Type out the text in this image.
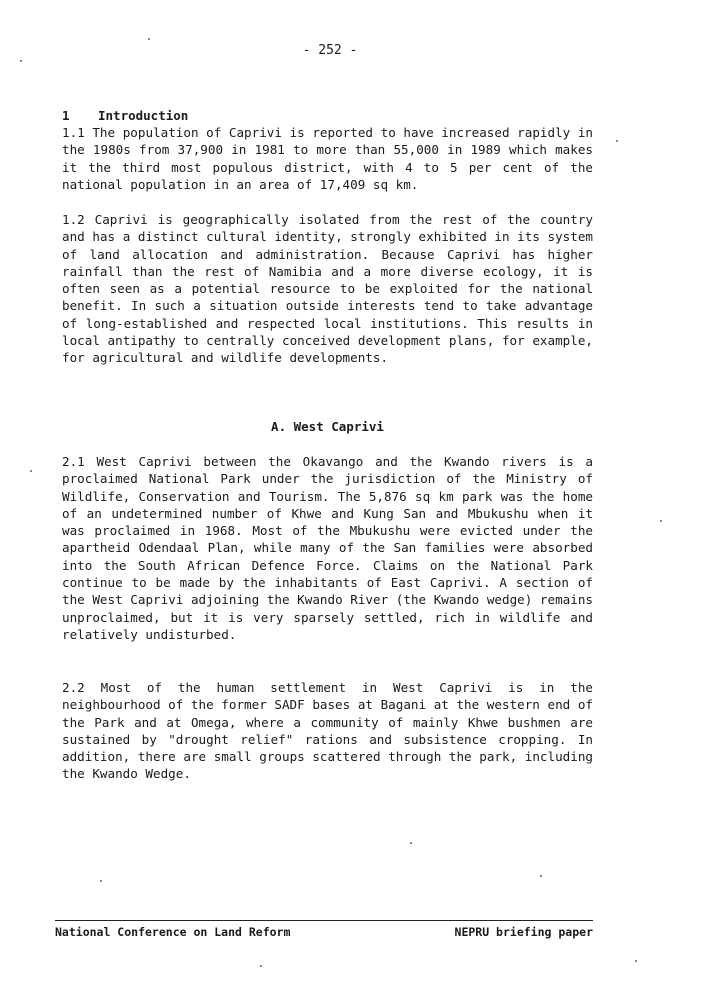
- 252 -
1 Introduction

1.1 The population of Caprivi is reported to have increased rapidly in the 1980s from 37,900 in 1981 to more than 55,000 in 1989 which makes it the third most populous district, with 4 to 5 per cent of the national population in an area of 17,409 sq km.

1.2 Caprivi is geographically isolated from the rest of the country and has a distinct cultural identity, strongly exhibited in its system of land allocation and administration. Because Caprivi has higher rainfall than the rest of Namibia and a more diverse ecology, it is often seen as a potential resource to be exploited for the national benefit. In such a situation outside interests tend to take advantage of long-established and respected local institutions. This results in local antipathy to centrally conceived development plans, for example, for agricultural and wildlife developments.

A. West Caprivi

2.1 West Caprivi between the Okavango and the Kwando rivers is a proclaimed National Park under the jurisdiction of the Ministry of Wildlife, Conservation and Tourism. The 5,876 sq km park was the home of an undetermined number of Khwe and Kung San and Mbukushu when it was proclaimed in 1968. Most of the Mbukushu were evicted under the apartheid Odendaal Plan, while many of the San families were absorbed into the South African Defence Force. Claims on the National Park continue to be made by the inhabitants of East Caprivi. A section of the West Caprivi adjoining the Kwando River (the Kwando wedge) remains unproclaimed, but it is very sparsely settled, rich in wildlife and relatively undisturbed.

2.2 Most of the human settlement in West Caprivi is in the neighbourhood of the former SADF bases at Bagani at the western end of the Park and at Omega, where a community of mainly Khwe bushmen are sustained by "drought relief" rations and subsistence cropping. In addition, there are small groups scattered through the park, including the Kwando Wedge.

National Conference on Land Reform	NEPRU briefing paper
